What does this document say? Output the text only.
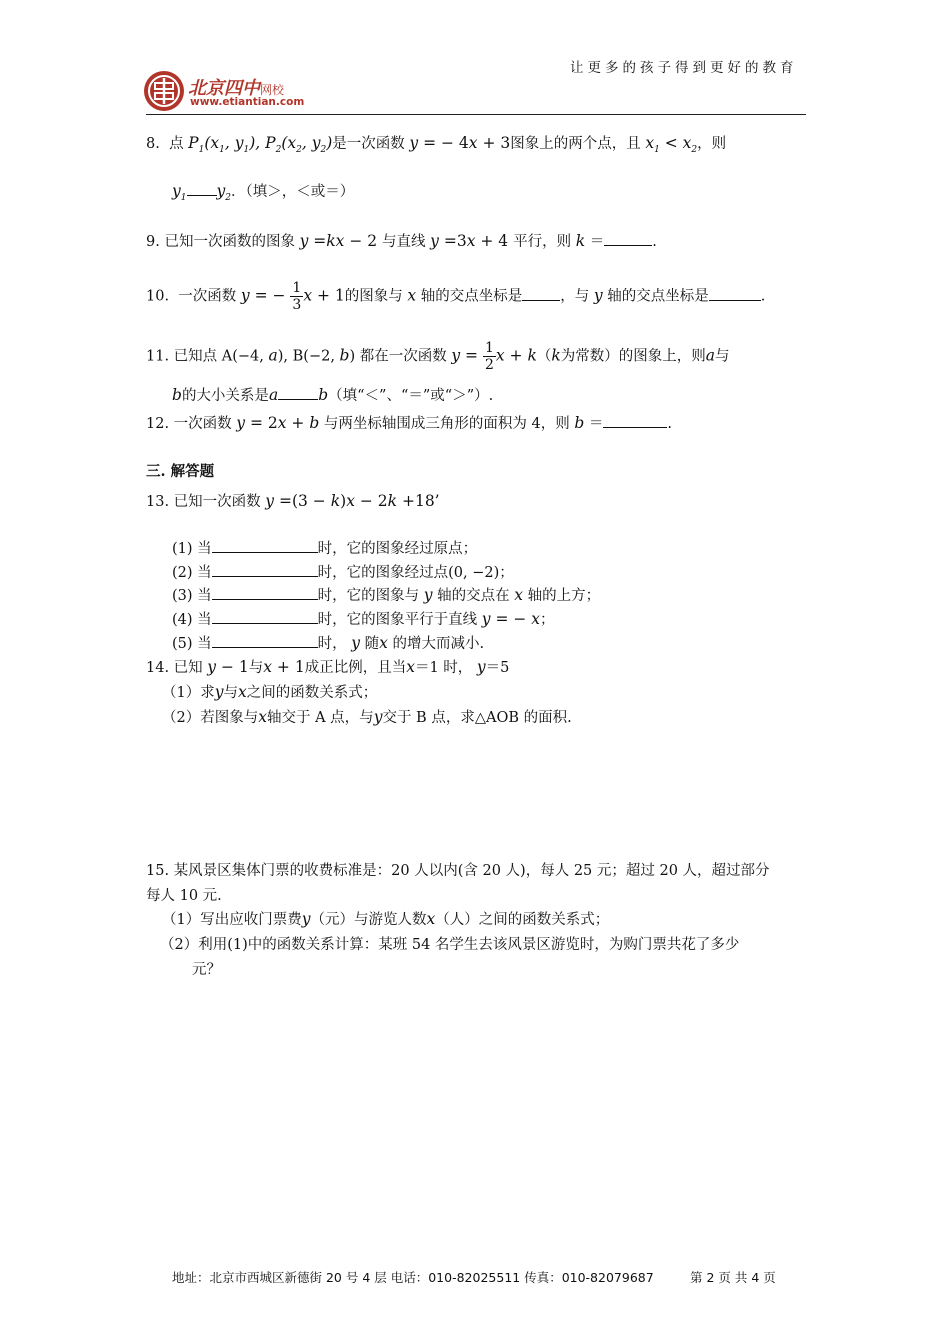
让更多的孩子得到更好的教育
北京四中网校
www.etiantian.com
8. 点 $P_1(x_1$, $y_1$), $P_2(x_2$, $y_2$)是一次函数 y = − 4x + 3图象上的两个点，且 $x_1 < x_2$，则
$y_1$ $y_2$．（填＞，＜或＝）
9. 已知一次函数的图象 y =kx − 2 与直线 y =3x + 4 平行，则 k ＝	.
10. 一次函数 y = − $\frac{1}{3}$ x + 1的图象与 x 轴的交点坐标是	，与 y 轴的交点坐标是	.
11. 已知点 A(−4, a), B(−2, b) 都在一次函数 $y = \frac{1}{2}$ x + k（k为常数）的图象上，则a与
b的大小关系是a	b（填“＜”、“＝”或“＞”）.
12. 一次函数 y = 2x + b 与两坐标轴围成三角形的面积为 4，则 b ＝	.
三. 解答题
13. 已知一次函数 y =(3 − k)x − 2k +18’
(1) 当	时，它的图象经过原点；
(2) 当	时，它的图象经过点(0, −2)；
(3) 当	时，它的图象与 y 轴的交点在 x 轴的上方；
(4) 当	时，它的图象平行于直线 y = − x；
(5) 当	时， y 随x 的增大而减小.
14. 已知 y − 1与x + 1成正比例，且当x＝1 时， y＝5
（1）求y与x之间的函数关系式；
（2）若图象与x轴交于 A 点，与y交于 B 点，求△AOB 的面积.
15. 某风景区集体门票的收费标准是：20 人以内(含 20 人)，每人 25 元；超过 20 人，超过部分
每人 10 元.
（1）写出应收门票费y（元）与游览人数x（人）之间的函数关系式；
（2）利用(1)中的函数关系计算：某班 54 名学生去该风景区游览时，为购门票共花了多少
元？
地址：北京市西城区新德街 20 号 4 层 电话：010-82025511 传真：010-82079687	第 2 页 共 4 页
